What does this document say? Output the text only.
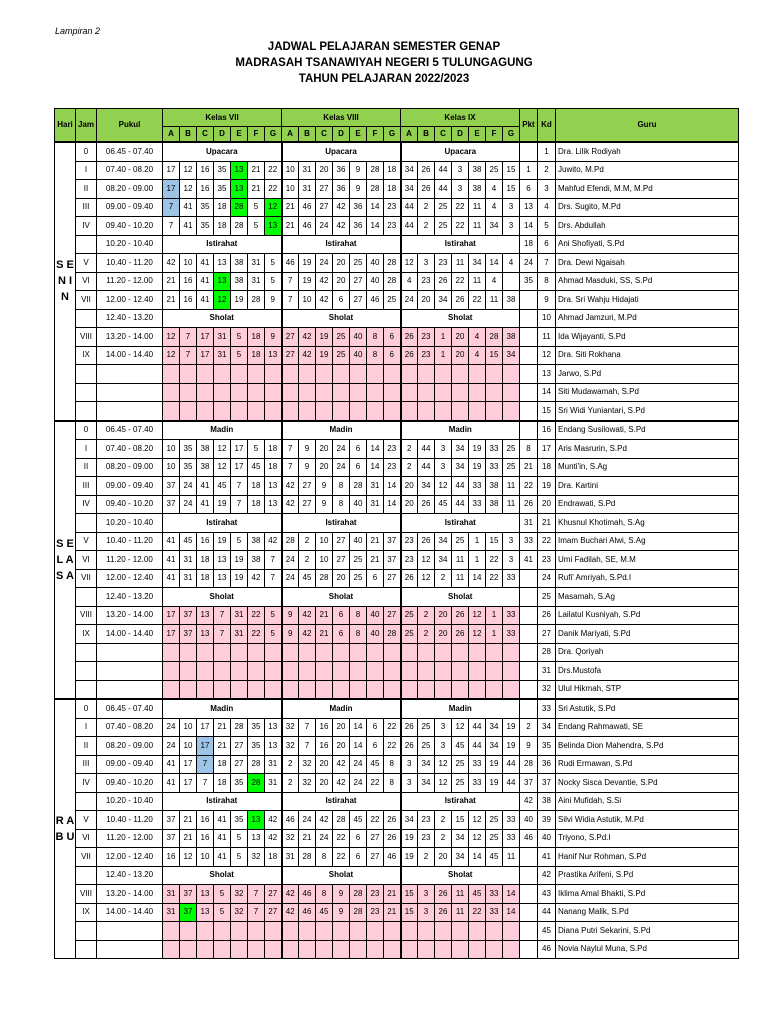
Lampiran 2
JADWAL PELAJARAN SEMESTER GENAP
MADRASAH TSANAWIYAH NEGERI 5 TULUNGAGUNG
TAHUN PELAJARAN 2022/2023
Hari	Jam	Pukul	Kelas VII							Kelas VIII							Kelas IX							Pkt	Kd	Guru
			A	B	C	D	E	F	G	A	B	C	D	E	F	G	A	B	C	D	E	F	G			
S E N I N	0	06.45 - 07.40	Upacara							Upacara							Upacara								1	Dra. Lilik Rodiyah
	I	07.40 - 08.20	17	12	16	35	13	21	22	10	31	20	36	9	28	18	34	26	44	3	38	25	15	1	2	Juwito, M.Pd
	II	08.20 - 09.00	17	12	16	35	13	21	22	10	31	27	36	9	28	18	34	26	44	3	38	4	15	6	3	Mahfud Efendi, M.M, M.Pd
	III	09.00 - 09.40	7	41	35	18	28	5	12	21	46	27	42	36	14	23	44	2	25	22	11	4	3	13	4	Drs. Sugito, M.Pd
	IV	09.40 - 10.20	7	41	35	18	28	5	13	21	46	24	42	36	14	23	44	2	25	22	11	34	3	14	5	Drs. Abdullah
		10.20 - 10.40	Istirahat							Istirahat							Istirahat							18	6	Ani Shofiyati, S.Pd
	V	10.40 - 11.20	42	10	41	13	38	31	5	46	19	24	20	25	40	28	12	3	23	11	34	14	4	24	7	Dra. Dewi Ngaisah
	VI	11.20 - 12.00	21	16	41	13	38	31	5	7	19	42	20	27	40	28	4	23	26	22	11	4		35	8	Ahmad Masduki, SS, S.Pd
	VII	12.00 - 12.40	21	16	41	12	19	28	9	7	10	42	6	27	46	25	24	20	34	26	22	11	38		9	Dra. Sri Wahju Hidajati
		12.40 - 13.20	Sholat							Sholat							Sholat								10	Ahmad Jamzuri, M.Pd
	VIII	13.20 - 14.00	12	7	17	31	5	18	9	27	42	19	25	40	8	6	26	23	1	20	4	28	38		11	Ida Wijayanti, S.Pd
	IX	14.00 - 14.40	12	7	17	31	5	18	13	27	42	19	25	40	8	6	26	23	1	20	4	15	34		12	Dra. Siti Rokhana
																									13	Jarwo, S.Pd
																									14	Siti Mudawamah, S.Pd
																									15	Sri Widi Yuniantari, S.Pd
S E L A S A	0	06.45 - 07.40	Madin							Madin							Madin								16	Endang Susilowati, S.Pd
	I	07.40 - 08.20	10	35	38	12	17	5	18	7	9	20	24	6	14	23	2	44	3	34	19	33	25	8	17	Aris Masrurin, S.Pd
	II	08.20 - 09.00	10	35	38	12	17	45	18	7	9	20	24	6	14	23	2	44	3	34	19	33	25	21	18	Munti'in, S.Ag
	III	09.00 - 09.40	37	24	41	45	7	18	13	42	27	9	8	28	31	14	20	34	12	44	33	38	11	22	19	Dra. Kartini
	IV	09.40 - 10.20	37	24	41	19	7	18	13	42	27	9	8	40	31	14	20	26	45	44	33	38	11	26	20	Endrawati, S.Pd
		10.20 - 10.40	Istirahat							Istirahat							Istirahat							31	21	Khusnul Khotimah, S.Ag
	V	10.40 - 11.20	41	45	16	19	5	38	42	28	2	10	27	40	21	37	23	26	34	25	1	15	3	33	22	Imam Buchari Alwi, S.Ag
	VI	11.20 - 12.00	41	31	18	13	19	38	7	24	2	10	27	25	21	37	23	12	34	11	1	22	3	41	23	Umi Fadilah, SE, M.M
	VII	12.00 - 12.40	41	31	18	13	19	42	7	24	45	28	20	25	6	27	26	12	2	11	14	22	33		24	Rufi' Amriyah, S.Pd.I
		12.40 - 13.20	Sholat							Sholat							Sholat								25	Masamah, S.Ag
	VIII	13.20 - 14.00	17	37	13	7	31	22	5	9	42	21	6	8	40	27	25	2	20	26	12	1	33		26	Lailatul Kusniyah, S.Pd
	IX	14.00 - 14.40	17	37	13	7	31	22	5	9	42	21	6	8	40	28	25	2	20	26	12	1	33		27	Danik Mariyati, S.Pd
																									28	Dra. Qoriyah
																									31	Drs.Mustofa
																									32	Ulul Hikmah, STP
R A B U	0	06.45 - 07.40	Madin							Madin							Madin								33	Sri Astutik, S.Pd
	I	07.40 - 08.20	24	10	17	21	28	35	13	32	7	16	20	14	6	22	26	25	3	12	44	34	19	2	34	Endang Rahmawati, SE
	II	08.20 - 09.00	24	10	17	21	27	35	13	32	7	16	20	14	6	22	26	25	3	45	44	34	19	9	35	Belinda Dion Mahendra, S.Pd
	III	09.00 - 09.40	41	17	7	18	27	28	31	2	32	20	42	24	45	8	3	34	12	25	33	19	44	28	36	Rudi Ermawan, S.Pd
	IV	09.40 - 10.20	41	17	7	18	35	28	31	2	32	20	42	24	22	8	3	34	12	25	33	19	44	37	37	Nocky Sisca Devantie, S.Pd
		10.20 - 10.40	Istirahat							Istirahat							Istirahat							42	38	Aini Mufidah, S.Si
	V	10.40 - 11.20	37	21	16	41	35	13	42	46	24	42	28	45	22	26	34	23	2	15	12	25	33	40	39	Silvi Widia Astutik, M.Pd
	VI	11.20 - 12.00	37	21	16	41	5	13	42	32	21	24	22	6	27	26	19	23	2	34	12	25	33	46	40	Triyono, S.Pd.I
	VII	12.00 - 12.40	16	12	10	41	5	32	18	31	28	8	22	6	27	46	19	2	20	34	14	45	11		41	Hanif Nur Rohman, S.Pd
		12.40 - 13.20	Sholat							Sholat							Sholat								42	Prastika Arifeni, S.Pd
	VIII	13.20 - 14.00	31	37	13	5	32	7	27	42	46	8	9	28	23	21	15	3	26	11	45	33	14		43	Iklima Amal Bhakti, S.Pd
	IX	14.00 - 14.40	31	37	13	5	32	7	27	42	46	45	9	28	23	21	15	3	26	11	22	33	14		44	Nanang Malik, S.Pd
																									45	Diana Putri Sekarini, S.Pd
																									46	Novia Naylul Muna, S.Pd
